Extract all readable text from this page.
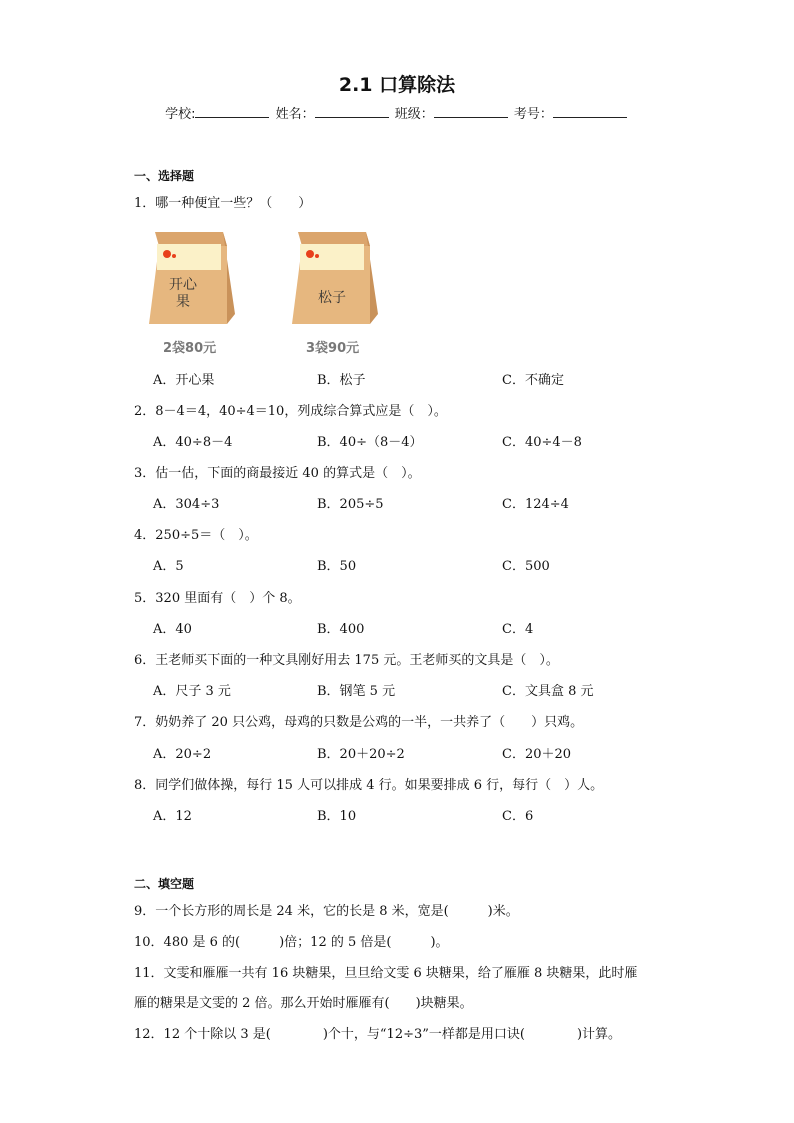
2.1 口算除法
学校:	姓名：	班级：	考号：
一、选择题
1．哪一种便宜一些？（　　）
开心
果
2袋80元
松子
3袋90元
A．开心果	B．松子	C．不确定
2．8－4＝4，40÷4＝10，列成综合算式应是（　）。
A．40÷8－4	B．40÷（8－4）	C．40÷4－8
3．估一估，下面的商最接近 40 的算式是（　）。
A．304÷3	B．205÷5	C．124÷4
4．250÷5＝（　）。
A．5	B．50	C．500
5．320 里面有（　）个 8。
A．40	B．400	C．4
6．王老师买下面的一种文具刚好用去 175 元。王老师买的文具是（　）。
A．尺子 3 元	B．钢笔 5 元	C．文具盒 8 元
7．奶奶养了 20 只公鸡，母鸡的只数是公鸡的一半，一共养了（　　）只鸡。
A．20÷2	B．20＋20÷2	C．20＋20
8．同学们做体操，每行 15 人可以排成 4 行。如果要排成 6 行，每行（　）人。
A．12	B．10	C．6
二、填空题
9．一个长方形的周长是 24 米，它的长是 8 米，宽是(　　　)米。
10．480 是 6 的(　　　)倍；12 的 5 倍是(　　　)。
11．文雯和雁雁一共有 16 块糖果，旦旦给文雯 6 块糖果，给了雁雁 8 块糖果，此时雁
雁的糖果是文雯的 2 倍。那么开始时雁雁有(　　)块糖果。
12．12 个十除以 3 是(　　　　)个十，与“12÷3”一样都是用口诀(　　　　)计算。
